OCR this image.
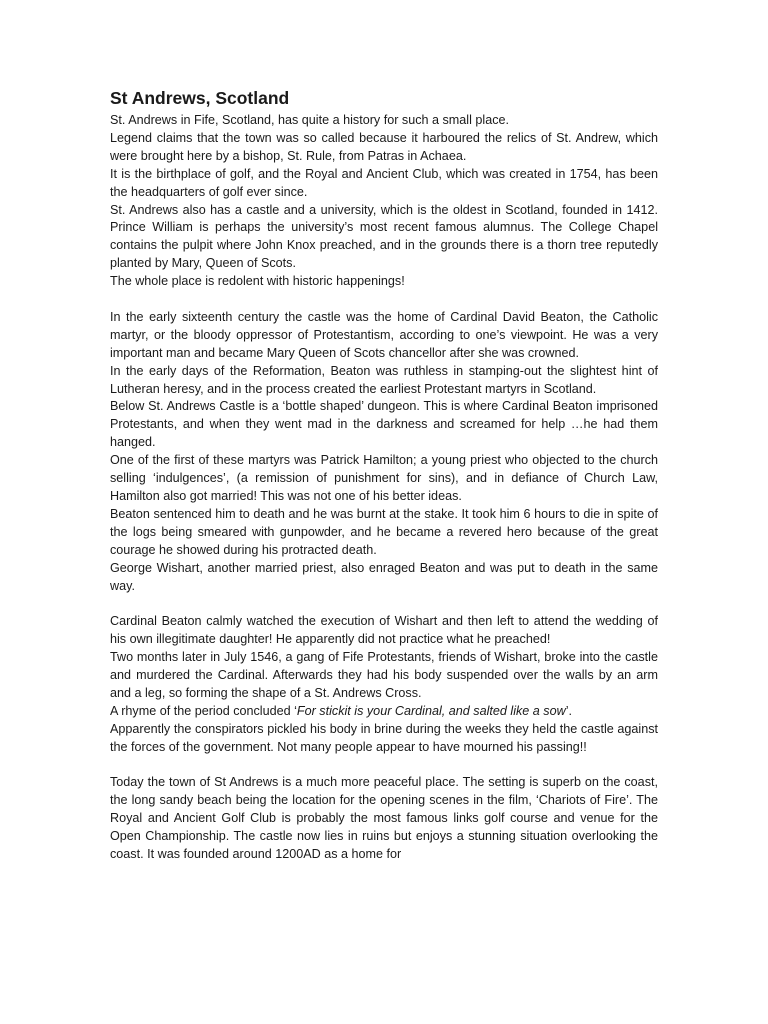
St Andrews, Scotland

St. Andrews in Fife, Scotland, has quite a history for such a small place.

Legend claims that the town was so called because it harboured the relics of St. Andrew, which were brought here by a bishop, St. Rule, from Patras in Achaea.

It is the birthplace of golf, and the Royal and Ancient Club, which was created in 1754, has been the headquarters of golf ever since.

St. Andrews also has a castle and a university, which is the oldest in Scotland, founded in 1412. Prince William is perhaps the university’s most recent famous alumnus. The College Chapel contains the pulpit where John Knox preached, and in the grounds there is a thorn tree reputedly planted by Mary, Queen of Scots.

The whole place is redolent with historic happenings!

In the early sixteenth century the castle was the home of Cardinal David Beaton, the Catholic martyr, or the bloody oppressor of Protestantism, according to one’s viewpoint. He was a very important man and became Mary Queen of Scots chancellor after she was crowned.

In the early days of the Reformation, Beaton was ruthless in stamping-out the slightest hint of Lutheran heresy, and in the process created the earliest Protestant martyrs in Scotland.

Below St. Andrews Castle is a ‘bottle shaped’ dungeon. This is where Cardinal Beaton imprisoned Protestants, and when they went mad in the darkness and screamed for help …he had them hanged.

One of the first of these martyrs was Patrick Hamilton; a young priest who objected to the church selling ‘indulgences’, (a remission of punishment for sins), and in defiance of Church Law, Hamilton also got married! This was not one of his better ideas.

Beaton sentenced him to death and he was burnt at the stake. It took him 6 hours to die in spite of the logs being smeared with gunpowder, and he became a revered hero because of the great courage he showed during his protracted death.

George Wishart, another married priest, also enraged Beaton and was put to death in the same way.

Cardinal Beaton calmly watched the execution of Wishart and then left to attend the wedding of his own illegitimate daughter! He apparently did not practice what he preached!

Two months later in July 1546, a gang of Fife Protestants, friends of Wishart, broke into the castle and murdered the Cardinal. Afterwards they had his body suspended over the walls by an arm and a leg, so forming the shape of a St. Andrews Cross.

A rhyme of the period concluded ‘For stickit is your Cardinal, and salted like a sow’.

Apparently the conspirators pickled his body in brine during the weeks they held the castle against the forces of the government. Not many people appear to have mourned his passing!!

Today the town of St Andrews is a much more peaceful place. The setting is superb on the coast, the long sandy beach being the location for the opening scenes in the film, ‘Chariots of Fire’. The Royal and Ancient Golf Club is probably the most famous links golf course and venue for the Open Championship. The castle now lies in ruins but enjoys a stunning situation overlooking the coast. It was founded around 1200AD as a home for
